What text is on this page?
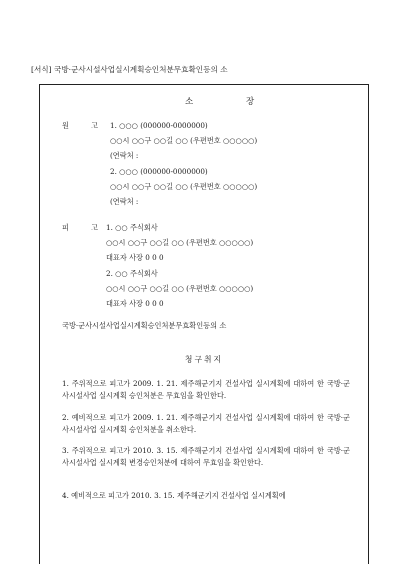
[서식] 국방·군사시설사업실시계획승인처분무효확인등의 소
소	장
원	고 1. ○○○ (000000-0000000)
○○시 ○○구 ○○길 ○○ (우편번호 ○○○○○)
(연락처 :
2. ○○○ (000000-0000000)
○○시 ○○구 ○○길 ○○ (우편번호 ○○○○○)
(연락처 :
피	고 1. ○○ 주식회사
○○시 ○○구 ○○길 ○○ (우편번호 ○○○○○)
대표자 사장 0 0 0
2. ○○ 주식회사
○○시 ○○구 ○○길 ○○ (우편번호 ○○○○○)
대표자 사장 0 0 0
국방·군사시설사업실시계획승인처분무효확인등의 소
청구취지
1. 주위적으로 피고가 2009. 1. 21. 제주해군기지 건설사업 실시계획에 대하여 한 국방·군사시설사업 실시계획 승인처분은 무효임을 확인한다.
2. 예비적으로 피고가 2009. 1. 21. 제주해군기지 건설사업 실시계획에 대하여 한 국방·군사시설사업 실시계획 승인처분을 취소한다.
3. 주위적으로 피고가 2010. 3. 15. 제주해군기지 건설사업 실시계획에 대하여 한 국방·군사시설사업 실시계획 변경승인처분에 대하여 무효임을 확인한다.
4. 예비적으로 피고가 2010. 3. 15. 제주해군기지 건설사업 실시계획에
